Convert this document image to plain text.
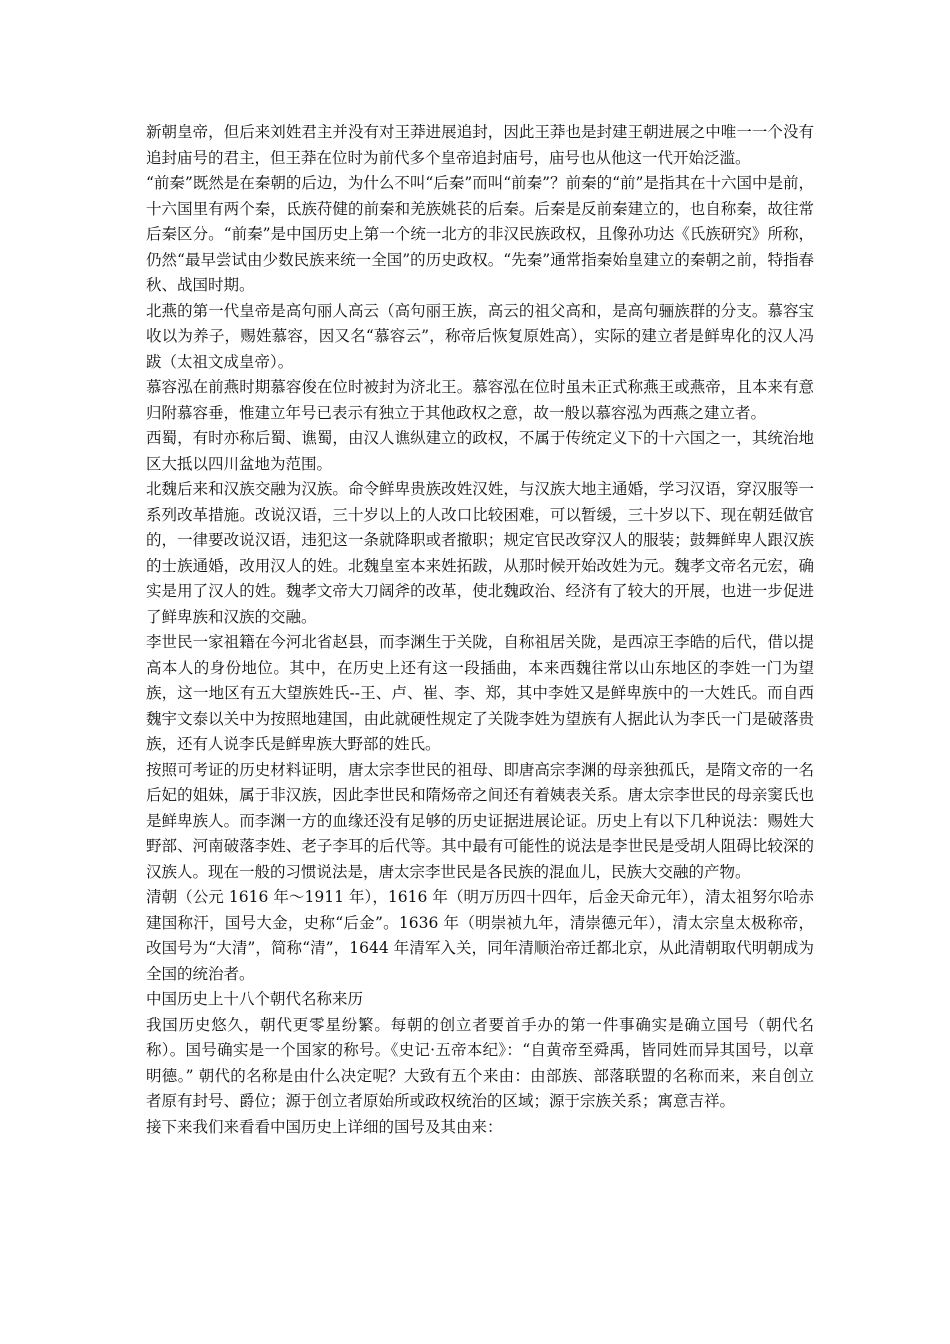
新朝皇帝，但后来刘姓君主并没有对王莽进展追封，因此王莽也是封建王朝进展之中唯一一个没有追封庙号的君主，但王莽在位时为前代多个皇帝追封庙号，庙号也从他这一代开始泛滥。

“前秦”既然是在秦朝的后边，为什么不叫“后秦”而叫“前秦”？前秦的“前”是指其在十六国中是前，十六国里有两个秦，氐族苻健的前秦和羌族姚苌的后秦。后秦是反前秦建立的，也自称秦，故往常后秦区分。“前秦”是中国历史上第一个统一北方的非汉民族政权，且像孙功达《氏族研究》所称，仍然“最早尝试由少数民族来统一全国”的历史政权。“先秦”通常指秦始皇建立的秦朝之前，特指春秋、战国时期。

北燕的第一代皇帝是高句丽人高云（高句丽王族，高云的祖父高和，是高句骊族群的分支。慕容宝收以为养子，赐姓慕容，因又名“慕容云”，称帝后恢复原姓高），实际的建立者是鲜卑化的汉人冯跋（太祖文成皇帝）。

慕容泓在前燕时期慕容俊在位时被封为济北王。慕容泓在位时虽未正式称燕王或燕帝，且本来有意归附慕容垂，惟建立年号已表示有独立于其他政权之意，故一般以慕容泓为西燕之建立者。

西蜀，有时亦称后蜀、谯蜀，由汉人谯纵建立的政权，不属于传统定义下的十六国之一，其统治地区大抵以四川盆地为范围。

北魏后来和汉族交融为汉族。命令鲜卑贵族改姓汉姓，与汉族大地主通婚，学习汉语，穿汉服等一系列改革措施。改说汉语，三十岁以上的人改口比较困难，可以暂缓，三十岁以下、现在朝廷做官的，一律要改说汉语，违犯这一条就降职或者撤职；规定官民改穿汉人的服装；鼓舞鲜卑人跟汉族的士族通婚，改用汉人的姓。北魏皇室本来姓拓跋，从那时候开始改姓为元。魏孝文帝名元宏，确实是用了汉人的姓。魏孝文帝大刀阔斧的改革，使北魏政治、经济有了较大的开展，也进一步促进了鲜卑族和汉族的交融。

李世民一家祖籍在今河北省赵县，而李渊生于关陇，自称祖居关陇，是西凉王李皓的后代，借以提高本人的身份地位。其中，在历史上还有这一段插曲，本来西魏往常以山东地区的李姓一门为望族，这一地区有五大望族姓氏--王、卢、崔、李、郑，其中李姓又是鲜卑族中的一大姓氏。而自西魏宇文泰以关中为按照地建国，由此就硬性规定了关陇李姓为望族有人据此认为李氏一门是破落贵族，还有人说李氏是鲜卑族大野部的姓氏。

按照可考证的历史材料证明，唐太宗李世民的祖母、即唐高宗李渊的母亲独孤氏，是隋文帝的一名后妃的姐妹，属于非汉族，因此李世民和隋炀帝之间还有着姨表关系。唐太宗李世民的母亲窦氏也是鲜卑族人。而李渊一方的血缘还没有足够的历史证据进展论证。历史上有以下几种说法：赐姓大野部、河南破落李姓、老子李耳的后代等。其中最有可能性的说法是李世民是受胡人阻碍比较深的汉族人。现在一般的习惯说法是，唐太宗李世民是各民族的混血儿，民族大交融的产物。

清朝（公元 1616 年～1911 年），1616 年（明万历四十四年，后金天命元年），清太祖努尔哈赤建国称汗，国号大金，史称“后金”。1636 年（明崇祯九年，清崇德元年），清太宗皇太极称帝，改国号为“大清”，简称“清”，1644 年清军入关，同年清顺治帝迁都北京，从此清朝取代明朝成为全国的统治者。

中国历史上十八个朝代名称来历

我国历史悠久，朝代更零星纷繁。每朝的创立者要首手办的第一件事确实是确立国号（朝代名称）。国号确实是一个国家的称号。《史记·五帝本纪》：“自黄帝至舜禹，皆同姓而异其国号，以章明德。” 朝代的名称是由什么决定呢？大致有五个来由：由部族、部落联盟的名称而来，来自创立者原有封号、爵位；源于创立者原始所或政权统治的区域；源于宗族关系；寓意吉祥。

接下来我们来看看中国历史上详细的国号及其由来：
